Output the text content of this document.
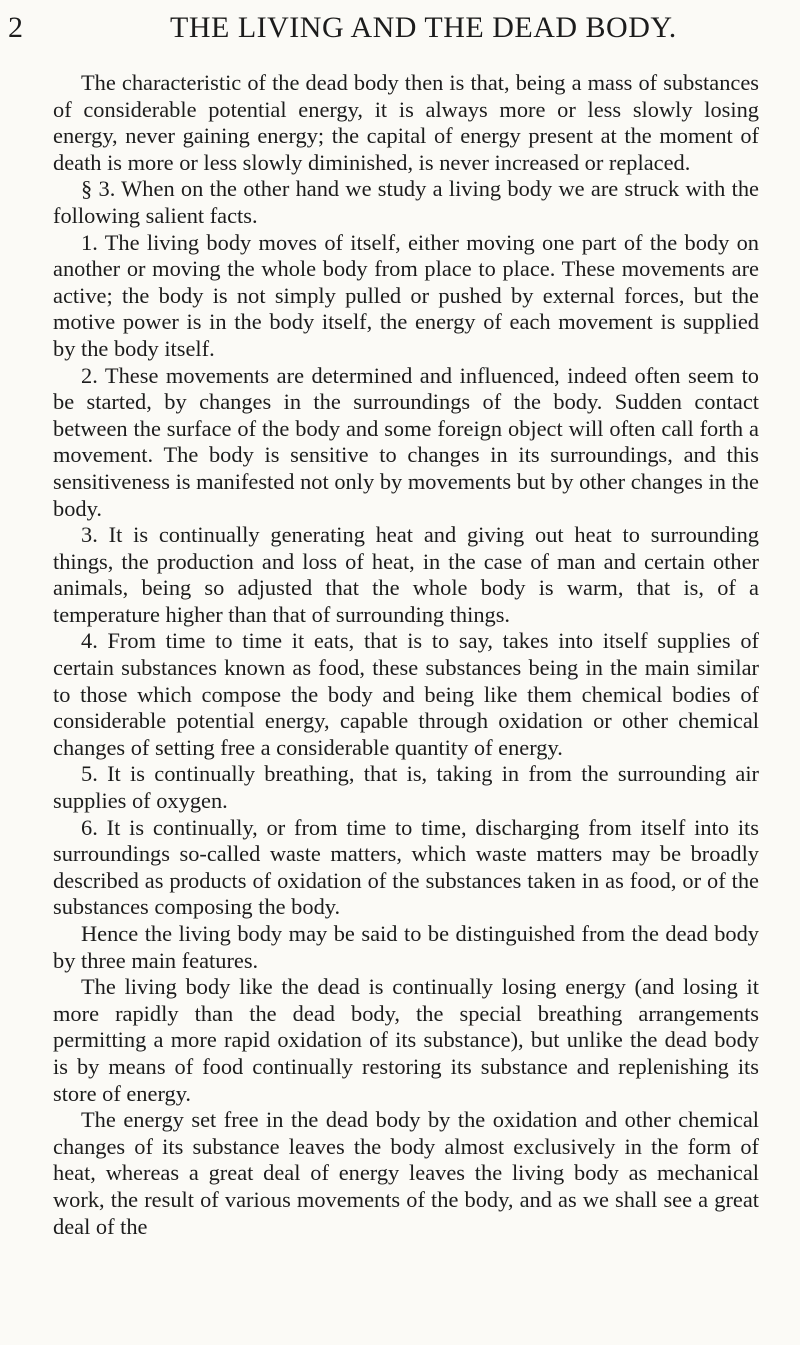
2	THE LIVING AND THE DEAD BODY.

The characteristic of the dead body then is that, being a mass of substances of considerable potential energy, it is always more or less slowly losing energy, never gaining energy; the capital of energy present at the moment of death is more or less slowly diminished, is never increased or replaced.

§ 3. When on the other hand we study a living body we are struck with the following salient facts.

1. The living body moves of itself, either moving one part of the body on another or moving the whole body from place to place. These movements are active; the body is not simply pulled or pushed by external forces, but the motive power is in the body itself, the energy of each movement is supplied by the body itself.

2. These movements are determined and influenced, indeed often seem to be started, by changes in the surroundings of the body. Sudden contact between the surface of the body and some foreign object will often call forth a movement. The body is sensitive to changes in its surroundings, and this sensitiveness is manifested not only by movements but by other changes in the body.

3. It is continually generating heat and giving out heat to surrounding things, the production and loss of heat, in the case of man and certain other animals, being so adjusted that the whole body is warm, that is, of a temperature higher than that of surrounding things.

4. From time to time it eats, that is to say, takes into itself supplies of certain substances known as food, these substances being in the main similar to those which compose the body and being like them chemical bodies of considerable potential energy, capable through oxidation or other chemical changes of setting free a considerable quantity of energy.

5. It is continually breathing, that is, taking in from the surrounding air supplies of oxygen.

6. It is continually, or from time to time, discharging from itself into its surroundings so-called waste matters, which waste matters may be broadly described as products of oxidation of the substances taken in as food, or of the substances composing the body.

Hence the living body may be said to be distinguished from the dead body by three main features.

The living body like the dead is continually losing energy (and losing it more rapidly than the dead body, the special breathing arrangements permitting a more rapid oxidation of its substance), but unlike the dead body is by means of food continually restoring its substance and replenishing its store of energy.

The energy set free in the dead body by the oxidation and other chemical changes of its substance leaves the body almost exclusively in the form of heat, whereas a great deal of energy leaves the living body as mechanical work, the result of various movements of the body, and as we shall see a great deal of the
